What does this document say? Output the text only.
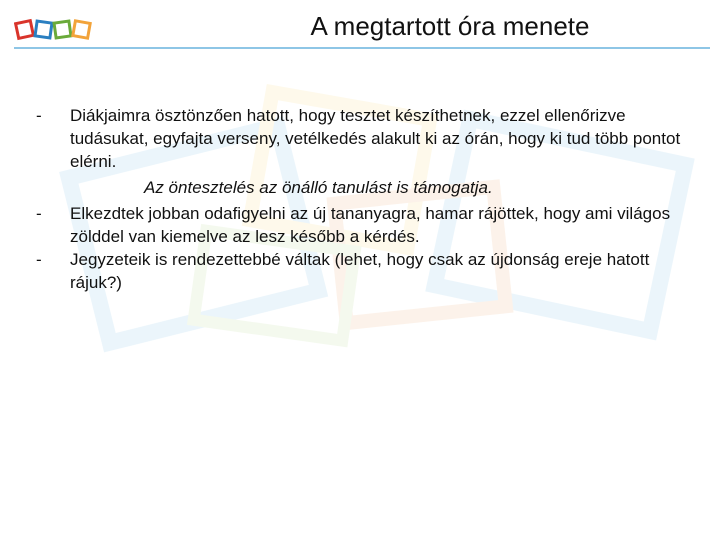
A megtartott óra menete
-	Diákjaimra ösztönzően hatott, hogy tesztet készíthetnek, ezzel ellenőrizve tudásukat, egyfajta verseny, vetélkedés alakult ki az órán, hogy ki tud több pontot elérni.
Az öntesztelés az önálló tanulást is támogatja.
-	Elkezdtek jobban odafigyelni az új tananyagra, hamar rájöttek, hogy ami világos zölddel van kiemelve az lesz később a kérdés.
-	Jegyzeteik is rendezettebbé váltak (lehet, hogy csak az újdonság ereje hatott rájuk?)
